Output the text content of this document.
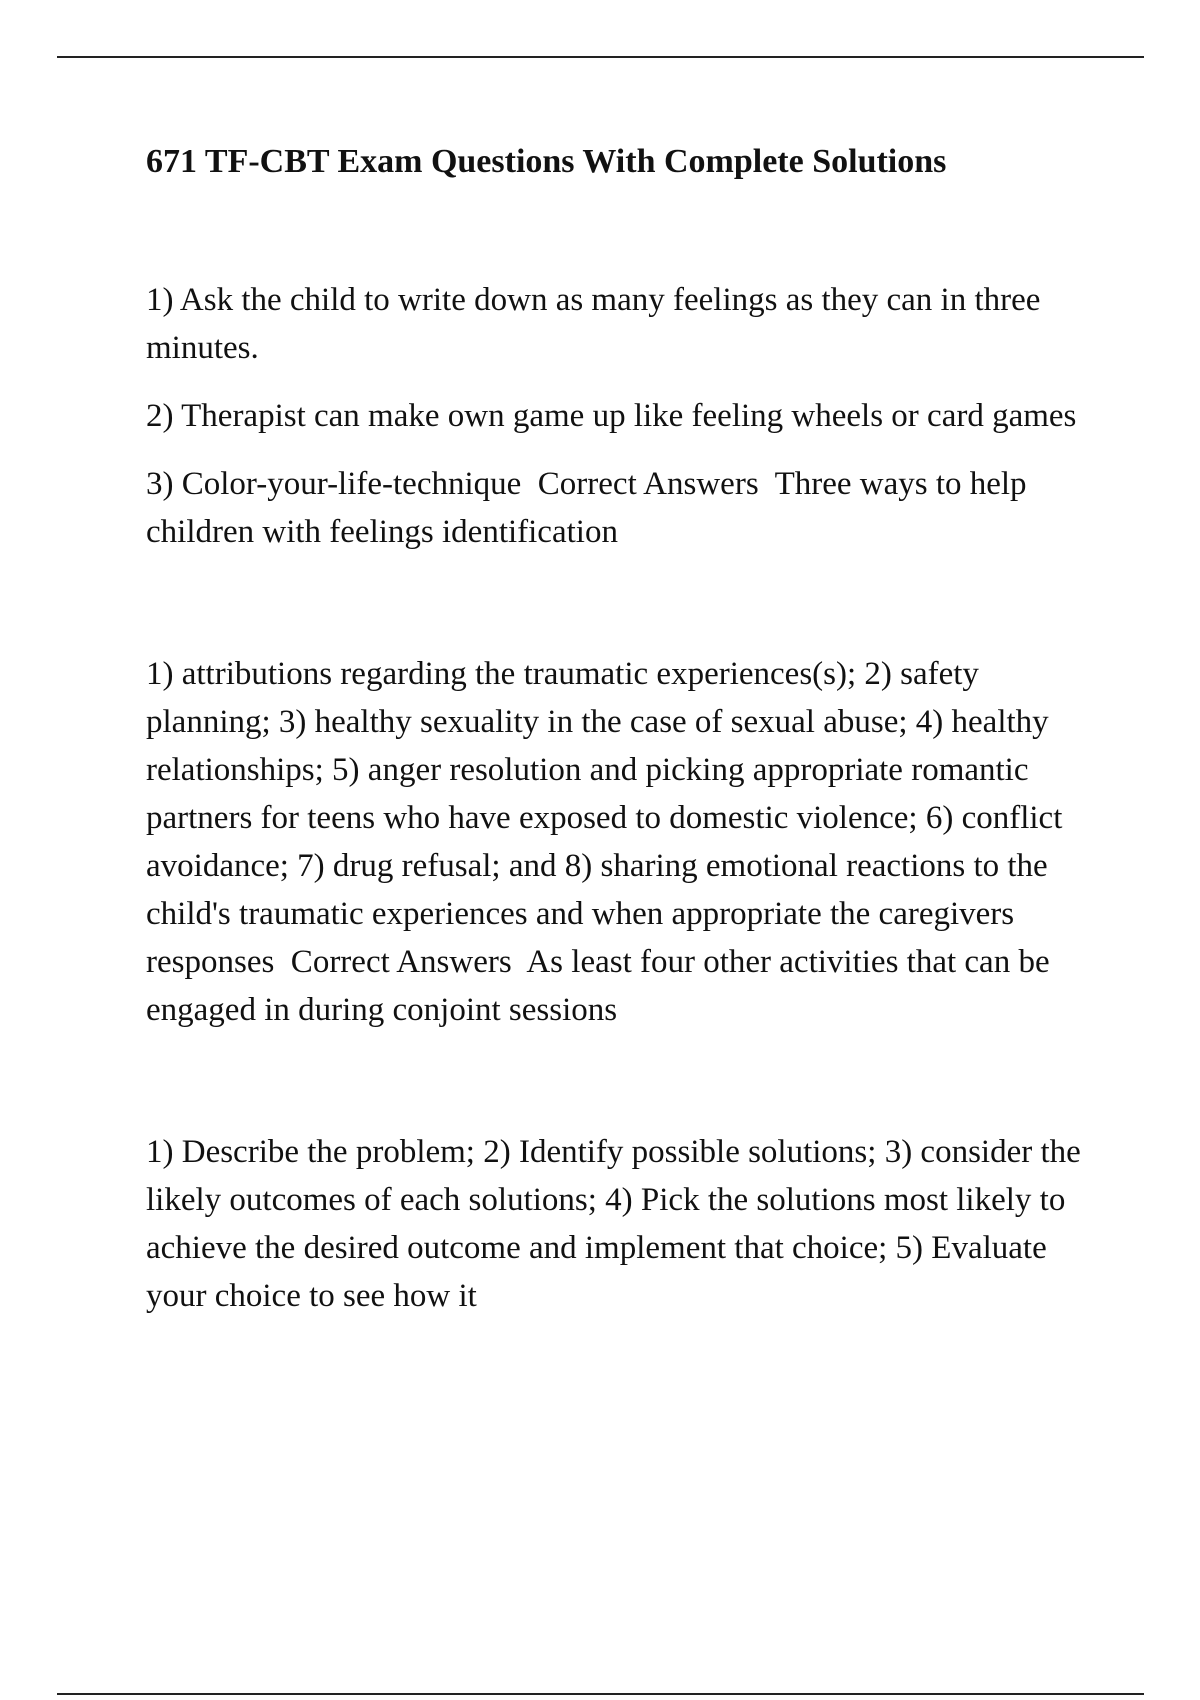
671 TF-CBT Exam Questions With Complete Solutions

1) Ask the child to write down as many feelings as they can in three minutes.

2) Therapist can make own game up like feeling wheels or card games

3) Color-your-life-technique  Correct Answers  Three ways to help children with feelings identification

1) attributions regarding the traumatic experiences(s); 2) safety planning; 3) healthy sexuality in the case of sexual abuse; 4) healthy relationships; 5) anger resolution and picking appropriate romantic partners for teens who have exposed to domestic violence; 6) conflict avoidance; 7) drug refusal; and 8) sharing emotional reactions to the child's traumatic experiences and when appropriate the caregivers responses  Correct Answers  As least four other activities that can be engaged in during conjoint sessions

1) Describe the problem; 2) Identify possible solutions; 3) consider the likely outcomes of each solutions; 4) Pick the solutions most likely to achieve the desired outcome and implement that choice; 5) Evaluate your choice to see how it
